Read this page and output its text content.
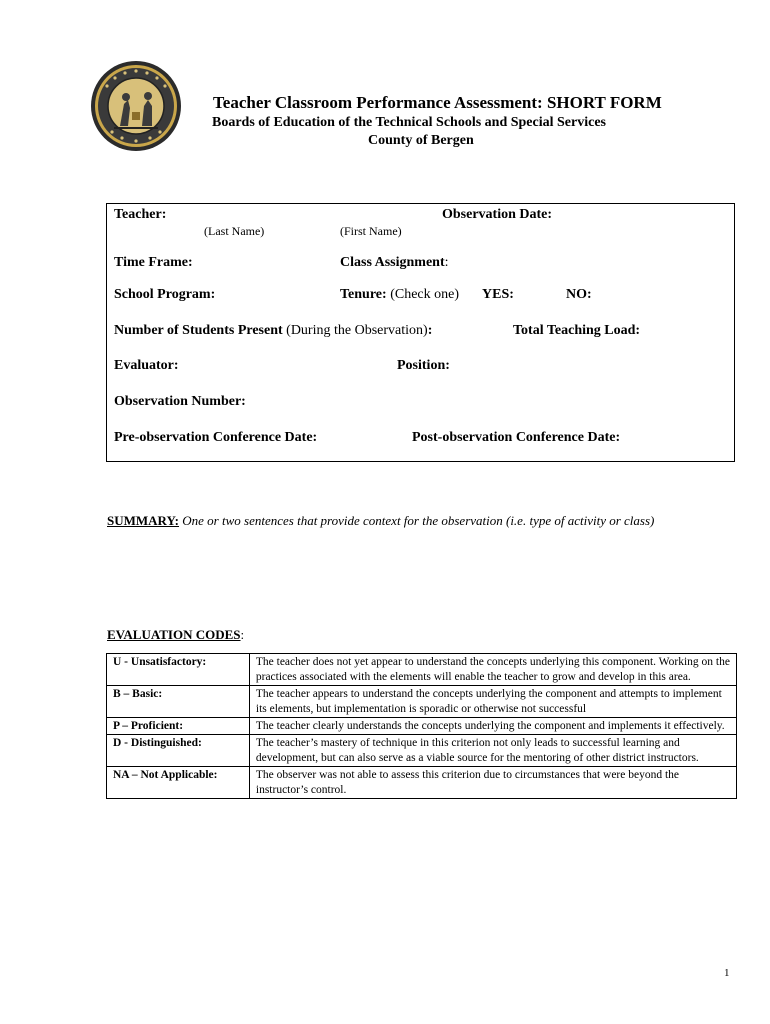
Teacher Classroom Performance Assessment: SHORT FORM
Boards of Education of the Technical Schools and Special Services
County of Bergen
Teacher:	Observation Date:
(Last Name)	(First Name)
Time Frame:	Class Assignment:
School Program:	Tenure: (Check one) YES:	NO:
Number of Students Present (During the Observation):	Total Teaching Load:
Evaluator:	Position:
Observation Number:
Pre-observation Conference Date:	Post-observation Conference Date:
SUMMARY: One or two sentences that provide context for the observation (i.e. type of activity or class)
EVALUATION CODES:
U - Unsatisfactory:	The teacher does not yet appear to understand the concepts underlying this component. Working on the practices associated with the elements will enable the teacher to grow and develop in this area.
B – Basic:	The teacher appears to understand the concepts underlying the component and attempts to implement its elements, but implementation is sporadic or otherwise not successful
P – Proficient:	The teacher clearly understands the concepts underlying the component and implements it effectively.
D - Distinguished:	The teacher’s mastery of technique in this criterion not only leads to successful learning and development, but can also serve as a viable source for the mentoring of other district instructors.
NA – Not Applicable:	The observer was not able to assess this criterion due to circumstances that were beyond the instructor’s control.
1
